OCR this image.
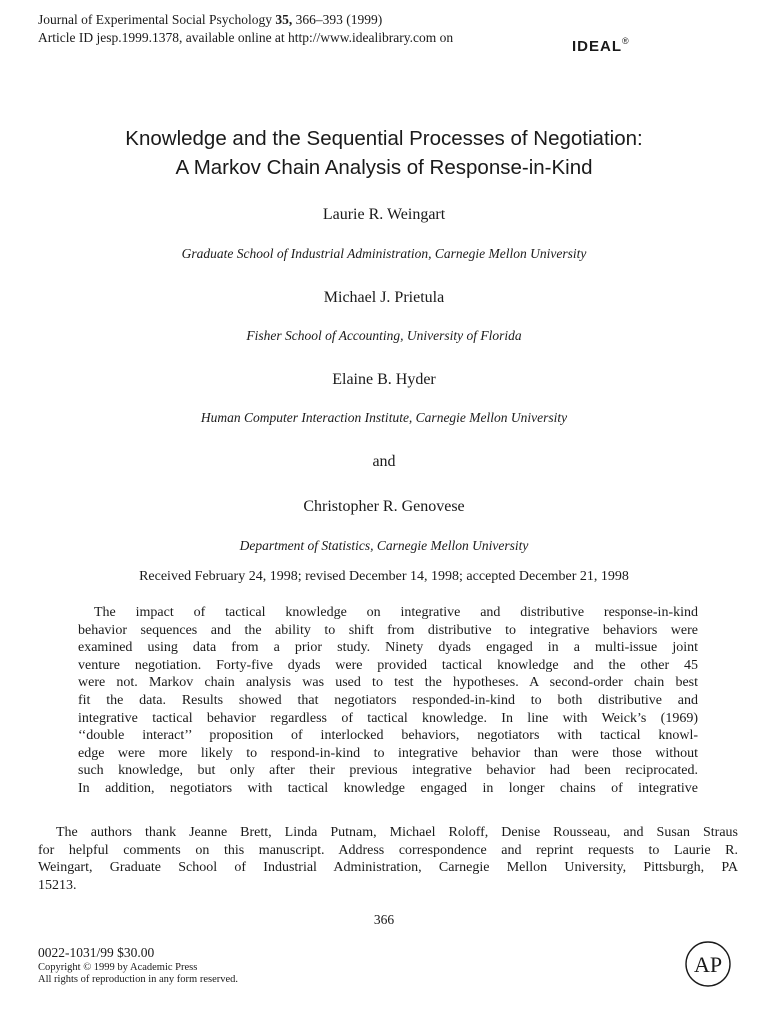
Journal of Experimental Social Psychology 35, 366–393 (1999)
Article ID jesp.1999.1378, available online at http://www.idealibrary.com on
IDEAL®
Knowledge and the Sequential Processes of Negotiation:
A Markov Chain Analysis of Response-in-Kind
Laurie R. Weingart
Graduate School of Industrial Administration, Carnegie Mellon University
Michael J. Prietula
Fisher School of Accounting, University of Florida
Elaine B. Hyder
Human Computer Interaction Institute, Carnegie Mellon University
and
Christopher R. Genovese
Department of Statistics, Carnegie Mellon University
Received February 24, 1998; revised December 14, 1998; accepted December 21, 1998
The impact of tactical knowledge on integrative and distributive response-in-kind
behavior sequences and the ability to shift from distributive to integrative behaviors were
examined using data from a prior study. Ninety dyads engaged in a multi-issue joint
venture negotiation. Forty-five dyads were provided tactical knowledge and the other 45
were not. Markov chain analysis was used to test the hypotheses. A second-order chain best
fit the data. Results showed that negotiators responded-in-kind to both distributive and
integrative tactical behavior regardless of tactical knowledge. In line with Weick’s (1969)
‘‘double interact’’ proposition of interlocked behaviors, negotiators with tactical knowl-
edge were more likely to respond-in-kind to integrative behavior than were those without
such knowledge, but only after their previous integrative behavior had been reciprocated.
In addition, negotiators with tactical knowledge engaged in longer chains of integrative
The authors thank Jeanne Brett, Linda Putnam, Michael Roloff, Denise Rousseau, and Susan Straus
for helpful comments on this manuscript. Address correspondence and reprint requests to Laurie R.
Weingart, Graduate School of Industrial Administration, Carnegie Mellon University, Pittsburgh, PA
15213.
366
0022-1031/99 $30.00
Copyright © 1999 by Academic Press
All rights of reproduction in any form reserved.
AP
